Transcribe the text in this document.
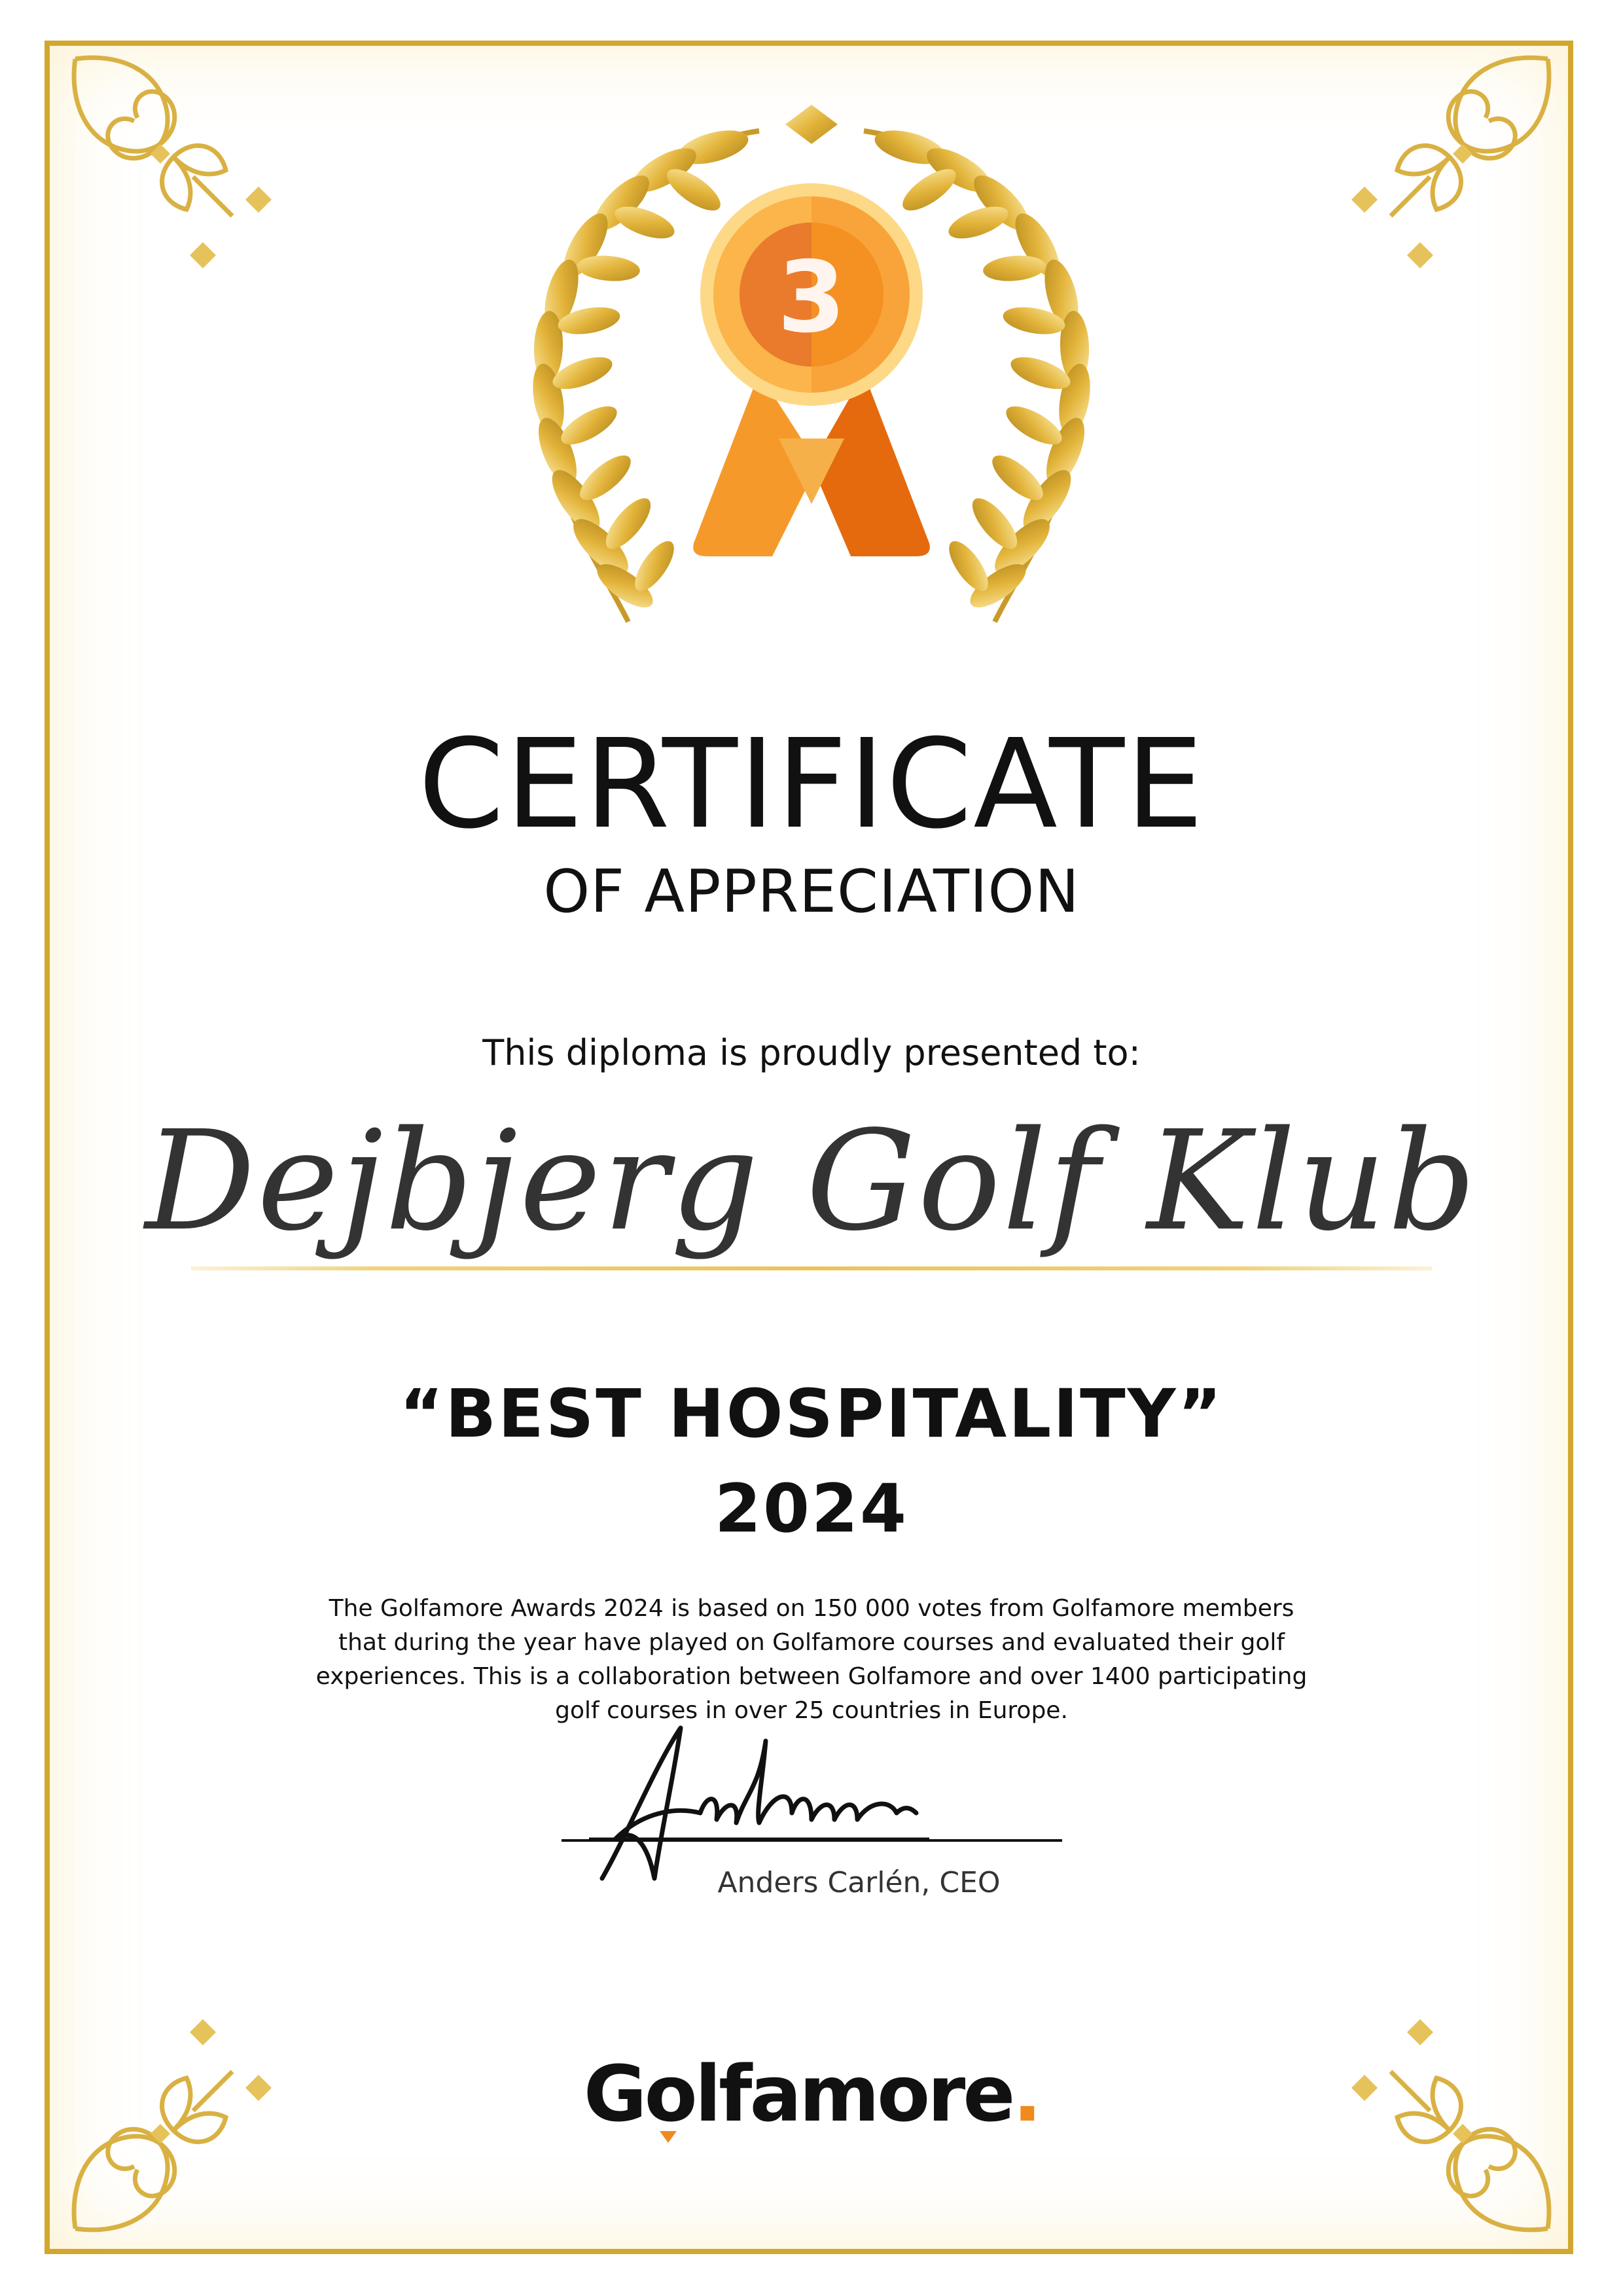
3
CERTIFICATE
OF APPRECIATION
This diploma is proudly presented to:
Dejbjerg Golf Klub
“BEST HOSPITALITY”
2024
The Golfamore Awards 2024 is based on 150 000 votes from Golfamore members that during the year have played on Golfamore courses and evaluated their golf experiences. This is a collaboration between Golfamore and over 1400 participating golf courses in over 25 countries in Europe.
Anders Carlén, CEO
Golfamore.
